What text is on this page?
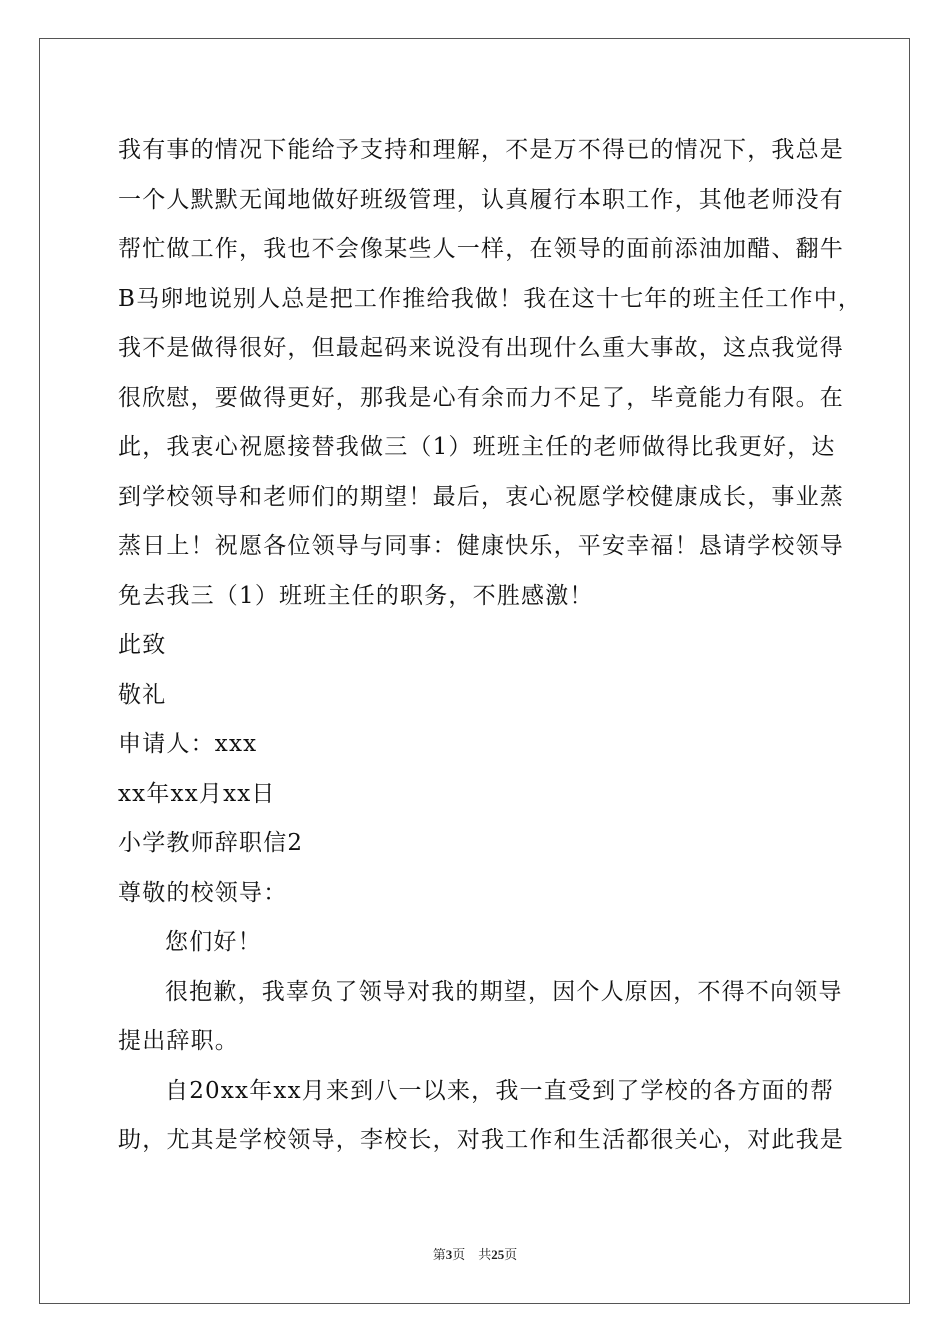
我有事的情况下能给予支持和理解，不是万不得已的情况下，我总是
一个人默默无闻地做好班级管理，认真履行本职工作，其他老师没有
帮忙做工作，我也不会像某些人一样，在领导的面前添油加醋、翻牛
B马卵地说别人总是把工作推给我做！我在这十七年的班主任工作中，
我不是做得很好，但最起码来说没有出现什么重大事故，这点我觉得
很欣慰，要做得更好，那我是心有余而力不足了，毕竟能力有限。在
此，我衷心祝愿接替我做三（1）班班主任的老师做得比我更好，达
到学校领导和老师们的期望！最后，衷心祝愿学校健康成长，事业蒸
蒸日上！祝愿各位领导与同事：健康快乐，平安幸福！恳请学校领导
免去我三（1）班班主任的职务，不胜感激！
此致
敬礼
申请人：xxx
xx年xx月xx日
小学教师辞职信2
尊敬的校领导：
您们好！
很抱歉，我辜负了领导对我的期望，因个人原因，不得不向领导
提出辞职。
自20xx年xx月来到八一以来，我一直受到了学校的各方面的帮
助，尤其是学校领导，李校长，对我工作和生活都很关心，对此我是
第3页 共25页
